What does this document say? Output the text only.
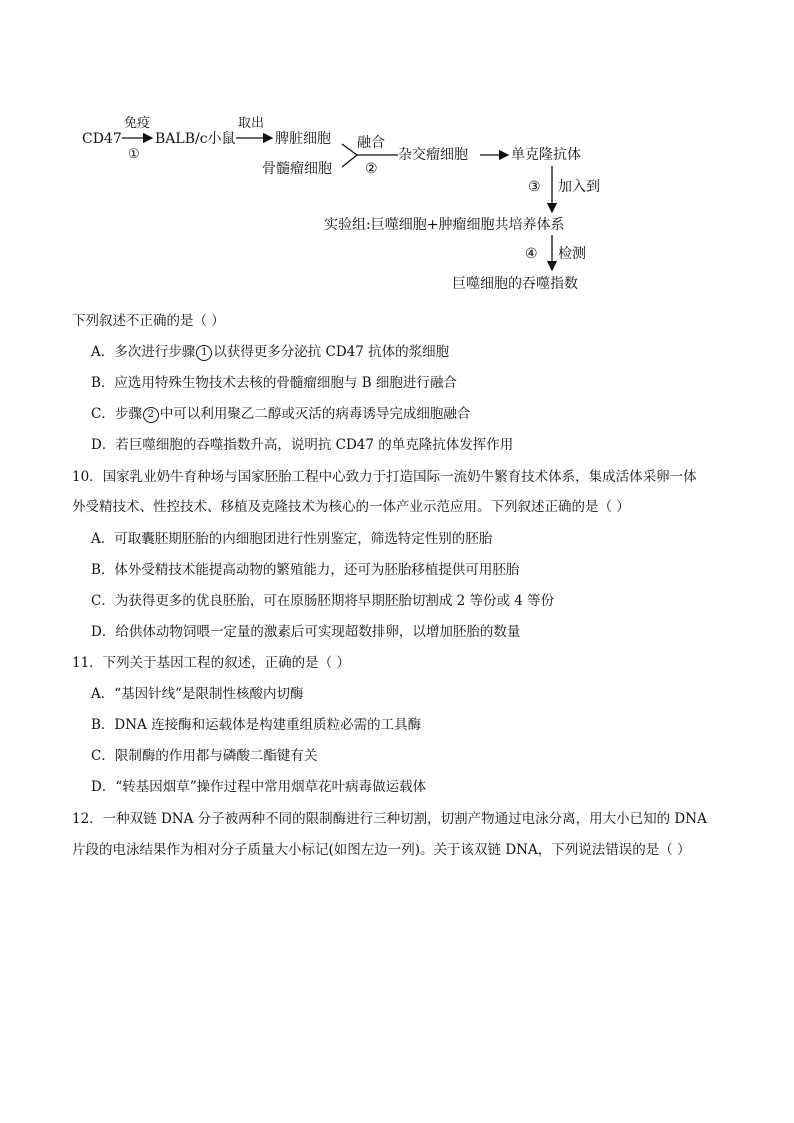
CD47
免疫
①
BALB/c小鼠
取出
脾脏细胞
骨髓瘤细胞
融合
②
杂交瘤细胞	单克隆抗体
③ 加入到
实验组:巨噬细胞+肿瘤细胞共培养体系
④ 检测
巨噬细胞的吞噬指数
下列叙述不正确的是（ ）
A．多次进行步骤 1 以获得更多分泌抗 CD47 抗体的浆细胞
B．应选用特殊生物技术去核的骨髓瘤细胞与 B 细胞进行融合
C．步骤 2 中可以利用聚乙二醇或灭活的病毒诱导完成细胞融合
D．若巨噬细胞的吞噬指数升高，说明抗 CD47 的单克隆抗体发挥作用
10．国家乳业奶牛育种场与国家胚胎工程中心致力于打造国际一流奶牛繁育技术体系，集成活体采卵一体
外受精技术、性控技术、移植及克隆技术为核心的一体产业示范应用。下列叙述正确的是（ ）
A．可取囊胚期胚胎的内细胞团进行性别鉴定，筛选特定性别的胚胎
B．体外受精技术能提高动物的繁殖能力，还可为胚胎移植提供可用胚胎
C．为获得更多的优良胚胎，可在原肠胚期将早期胚胎切割成 2 等份或 4 等份
D．给供体动物饲喂一定量的激素后可实现超数排卵，以增加胚胎的数量
11．下列关于基因工程的叙述，正确的是（ ）
A．“基因针线”是限制性核酸内切酶
B．DNA 连接酶和运载体是构建重组质粒必需的工具酶
C．限制酶的作用都与磷酸二酯键有关
D．“转基因烟草”操作过程中常用烟草花叶病毒做运载体
12．一种双链 DNA 分子被两种不同的限制酶进行三种切割，切割产物通过电泳分离，用大小已知的 DNA
片段的电泳结果作为相对分子质量大小标记(如图左边一列)。关于该双链 DNA，下列说法错误的是（ ）
